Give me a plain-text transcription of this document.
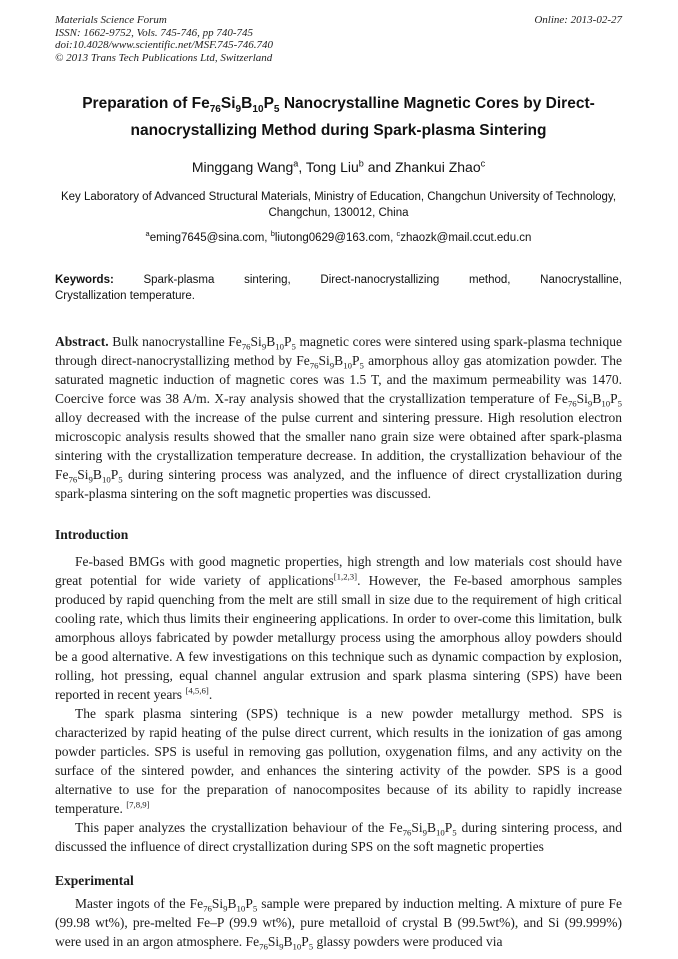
Materials Science Forum
ISSN: 1662-9752, Vols. 745-746, pp 740-745
doi:10.4028/www.scientific.net/MSF.745-746.740
© 2013 Trans Tech Publications Ltd, Switzerland
Online: 2013-02-27
Preparation of $Fe_{76}Si_9B_{10}P_5$ Nanocrystalline Magnetic Cores by Direct-nanocrystallizing Method during Spark-plasma Sintering
Minggang Wang$^a$, Tong Liu$^b$ and Zhankui Zhao$^c$
Key Laboratory of Advanced Structural Materials, Ministry of Education, Changchun University of Technology, Changchun, 130012, China
$^a$eming7645@sina.com, $^b$liutong0629@163.com, $^c$zhaozk@mail.ccut.edu.cn
Keywords:	Spark-plasma sintering, Direct-nanocrystallizing method, Nanocrystalline,
Crystallization temperature.

Abstract. Bulk nanocrystalline $Fe_{76}Si_9B_{10}P_5$ magnetic cores were sintered using spark-plasma technique through direct-nanocrystallizing method by $Fe_{76}Si_9B_{10}P_5$ amorphous alloy gas atomization powder. The saturated magnetic induction of magnetic cores was 1.5 T, and the maximum permeability was 1470. Coercive force was 38 A/m. X-ray analysis showed that the crystallization temperature of $Fe_{76}Si_9B_{10}P_5$ alloy decreased with the increase of the pulse current and sintering pressure. High resolution electron microscopic analysis results showed that the smaller nano grain size were obtained after spark-plasma sintering with the crystallization temperature decrease. In addition, the crystallization behaviour of the $Fe_{76}Si_9B_{10}P_5$ during sintering process was analyzed, and the influence of direct crystallization during spark-plasma sintering on the soft magnetic properties was discussed.

Introduction

Fe-based BMGs with good magnetic properties, high strength and low materials cost should have great potential for wide variety of applications[1,2,3]. However, the Fe-based amorphous samples produced by rapid quenching from the melt are still small in size due to the requirement of high critical cooling rate, which thus limits their engineering applications. In order to over-come this limitation, bulk amorphous alloys fabricated by powder metallurgy process using the amorphous alloy powders should be a good alternative. A few investigations on this technique such as dynamic compaction by explosion, rolling, hot pressing, equal channel angular extrusion and spark plasma sintering (SPS) have been reported in recent years [4,5,6].

The spark plasma sintering (SPS) technique is a new powder metallurgy method. SPS is characterized by rapid heating of the pulse direct current, which results in the ionization of gas among powder particles. SPS is useful in removing gas pollution, oxygenation films, and any activity on the surface of the sintered powder, and enhances the sintering activity of the powder. SPS is a good alternative to use for the preparation of nanocomposites because of its ability to rapidly increase temperature. [7,8,9]

This paper analyzes the crystallization behaviour of the $Fe_{76}Si_9B_{10}P_5$ during sintering process, and discussed the influence of direct crystallization during SPS on the soft magnetic properties

Experimental

Master ingots of the $Fe_{76}Si_9B_{10}P_5$ sample were prepared by induction melting. A mixture of pure Fe (99.98 wt%), pre-melted Fe–P (99.9 wt%), pure metalloid of crystal B (99.5wt%), and Si (99.999%) were used in an argon atmosphere. $Fe_{76}Si_9B_{10}P_5$ glassy powders were produced via
